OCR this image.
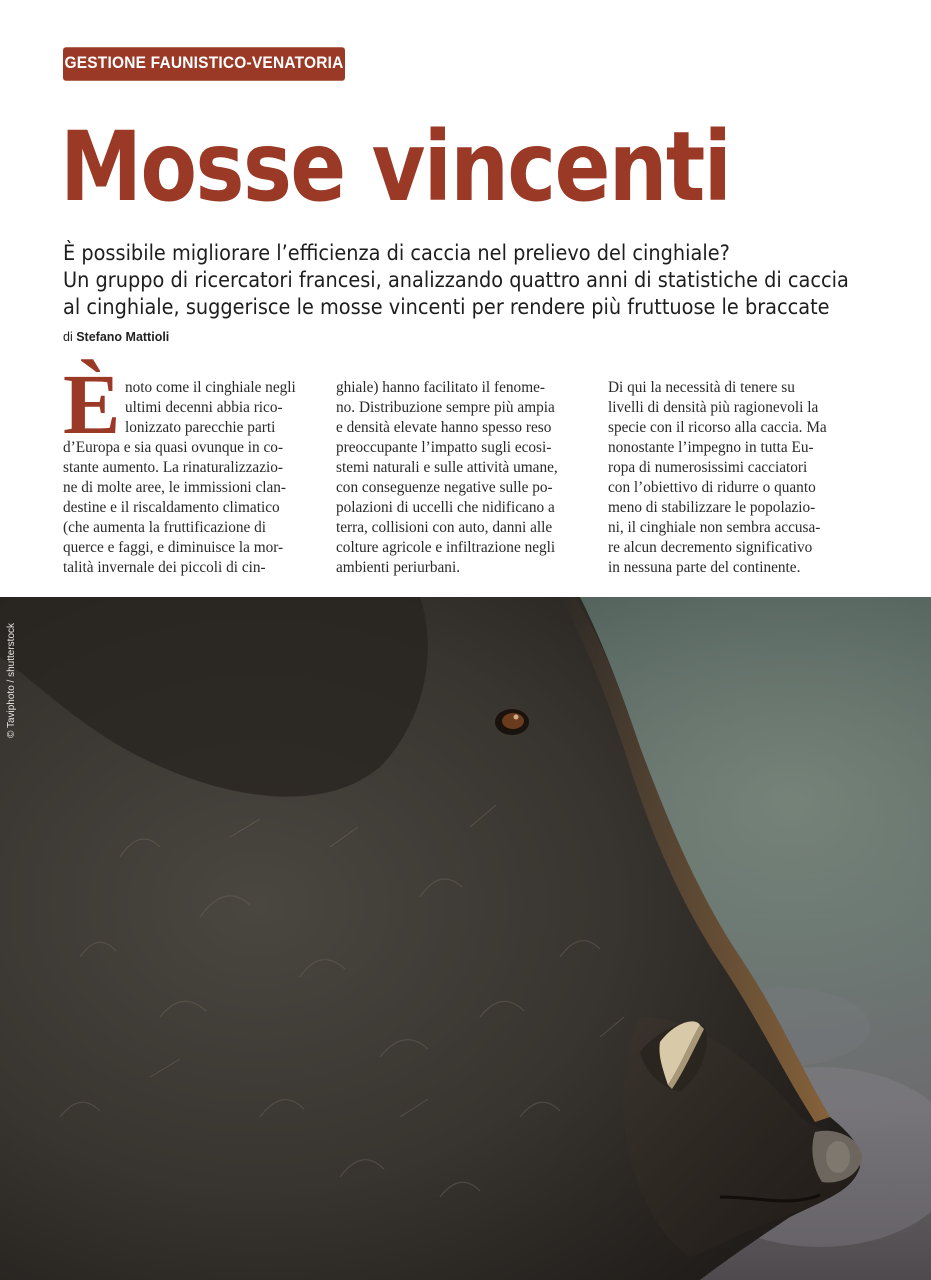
GESTIONE FAUNISTICO-VENATORIA
Mosse vincenti
È possibile migliorare l’efficienza di caccia nel prelievo del cinghiale?
Un gruppo di ricercatori francesi, analizzando quattro anni di statistiche di caccia
al cinghiale, suggerisce le mosse vincenti per rendere più fruttuose le braccate
di Stefano Mattioli
È noto come il cinghiale negli
ultimi decenni abbia rico-
lonizzato parecchie parti
d’Europa e sia quasi ovunque in co-
stante aumento. La rinaturalizzazio-
ne di molte aree, le immissioni clan-
destine e il riscaldamento climatico
(che aumenta la fruttificazione di
querce e faggi, e diminuisce la mor-
talità invernale dei piccoli di cin-
ghiale) hanno facilitato il fenome-
no. Distribuzione sempre più ampia
e densità elevate hanno spesso reso
preoccupante l’impatto sugli ecosi-
stemi naturali e sulle attività umane,
con conseguenze negative sulle po-
polazioni di uccelli che nidificano a
terra, collisioni con auto, danni alle
colture agricole e infiltrazione negli
ambienti periurbani.
Di qui la necessità di tenere su
livelli di densità più ragionevoli la
specie con il ricorso alla caccia. Ma
nonostante l’impegno in tutta Eu-
ropa di numerosissimi cacciatori
con l’obiettivo di ridurre o quanto
meno di stabilizzare le popolazio-
ni, il cinghiale non sembra accusa-
re alcun decremento significativo
in nessuna parte del continente.
© Taviphoto / shutterstock
